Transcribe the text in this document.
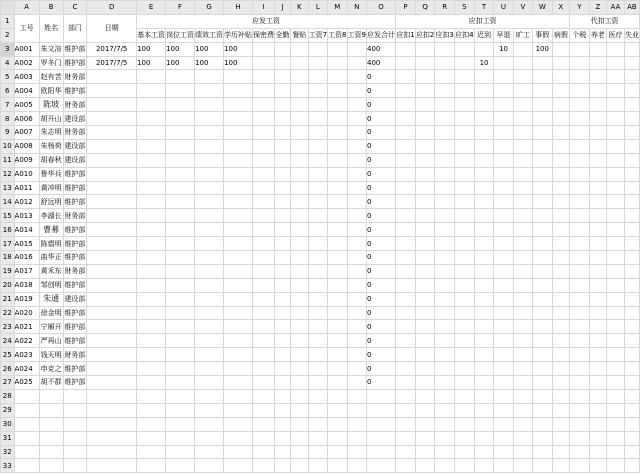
	A	B	C	D	E	F	G	H	I	J	K	L	M	N	O	P	Q	R	S	T	U	V	W	X	Y	Z	AA	AB
1	工号	姓名	部门	日期	应发工资											应扣工资									代扣工资			
2					基本工资	岗位工资	绩效工资	学历补贴	保密费	全勤	餐贴	工资7	工资8	工资9	应发合计	应扣1	应扣2	应扣3	应扣4	迟到	早退	旷工	事假	病假	个税	养老	医疗	失业
3	A001	朱文渲	维护部	2017/7/5	100	100	100	100							400						10		100					
4	A002	罗冬门	维护部	2017/7/5	100	100	100	100							400					10								
5	A003	赵有苦	财务部												0													
6	A004	欧阳华	维护部												0													
7	A005	陈坡	财务部												0													
8	A006	胡开山	建设部												0													
9	A007	朱志明	财务部												0													
10	A008	朱杨荷	建设部												0													
11	A009	胡春秋	建设部												0													
12	A010	鲁华兵	维护部												0													
13	A011	黄冲明	维护部												0													
14	A012	舒远明	维护部												0													
15	A013	李湖长	财务部												0													
16	A014	曹募	维护部												0													
17	A015	陈熠明	维护部												0													
18	A016	曲华正	维护部												0													
19	A017	黄禾东	财务部												0													
20	A018	邹创明	维护部												0													
21	A019	朱通	建设部												0													
22	A020	徐金明	维护部												0													
23	A021	宁厢开	维护部												0													
24	A022	严再山	维护部												0													
25	A023	钱天明	财务部												0													
26	A024	申克之	维护部												0													
27	A025	胡不群	维护部												0													
28																												
29																												
30																												
31																												
32																												
33																												
